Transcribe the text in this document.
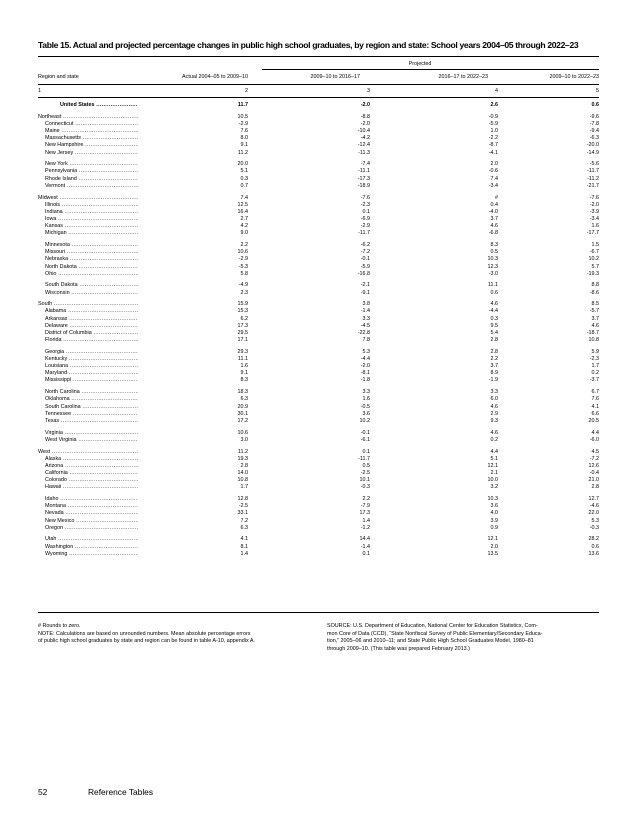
Table 15. Actual and projected percentage changes in public high school graduates, by region and state: School years 2004–05 through 2022–23
Projected
Region and state	Actual 2004–05 to 2009–10	2009–10 to 2016–17	2016–17 to 2022–23	2009–10 to 2022–23
1	2	3	4	5
United States .....	11.7	-2.0	2.6	0.6
Northeast .....	10.5	-8.8	-0.9	-9.6
Connecticut .....	-2.9	-2.0	-5.9	-7.8
Maine .....	7.6	-10.4	1.0	-9.4
Massachusetts .....	8.0	-4.2	-2.2	-6.3
New Hampshire .....	9.1	-12.4	-8.7	-20.0
New Jersey .....	11.2	-11.3	-4.1	-14.9
New York .....	20.0	-7.4	2.0	-5.6
Pennsylvania .....	5.1	-11.1	-0.6	-11.7
Rhode Island .....	0.3	-17.3	7.4	-11.2
Vermont .....	0.7	-18.9	-3.4	-21.7
Midwest .....	7.4	-7.6	#	-7.6
Illinois .....	12.5	-2.3	0.4	-2.0
Indiana .....	16.4	0.1	-4.0	-3.9
Iowa .....	2.7	-6.9	3.7	-3.4
Kansas .....	4.2	-2.9	4.6	1.6
Michigan .....	9.0	-11.7	-6.8	-17.7
Minnesota .....	2.2	-6.2	8.3	1.5
Missouri .....	10.6	-7.2	0.5	-6.7
Nebraska .....	-2.9	-0.1	10.3	10.2
North Dakota .....	-5.3	-5.9	12.3	5.7
Ohio .....	5.8	-16.8	-3.0	-19.3
South Dakota .....	-4.9	-2.1	11.1	8.8
Wisconsin .....	2.3	-9.1	0.6	-8.6
South .....	15.9	3.8	4.6	8.5
Alabama .....	15.3	-1.4	-4.4	-5.7
Arkansas .....	6.2	3.3	0.3	3.7
Delaware .....	17.3	-4.5	9.5	4.6
District of Columbia .....	29.5	-22.8	5.4	-18.7
Florida .....	17.1	7.8	2.8	10.8
Georgia .....	29.3	5.3	2.8	5.9
Kentucky .....	11.1	-4.4	2.2	-2.3
Louisiana .....	1.6	-2.0	3.7	1.7
Maryland .....	9.1	-8.1	8.9	0.2
Mississippi .....	8.3	-1.8	-1.9	-3.7
North Carolina .....	18.3	3.3	3.3	6.7
Oklahoma .....	6.3	1.6	6.0	7.6
South Carolina .....	20.9	-0.5	4.6	4.1
Tennessee .....	30.1	3.6	2.9	6.6
Texas .....	17.2	10.2	9.3	20.5
Virginia .....	10.6	-0.1	4.6	4.4
West Virginia .....	3.0	-6.1	0.2	-6.0
West .....	11.2	0.1	4.4	4.5
Alaska .....	19.3	-11.7	5.1	-7.2
Arizona .....	2.8	0.5	12.1	12.6
California .....	14.0	-2.5	2.1	-0.4
Colorado .....	10.8	10.1	10.0	21.0
Hawaii .....	1.7	-0.3	3.2	2.8
Idaho .....	12.8	2.2	10.3	12.7
Montana .....	-2.5	-7.9	3.6	-4.6
Nevada .....	33.1	17.3	4.0	22.0
New Mexico .....	7.2	1.4	3.9	5.3
Oregon .....	6.3	-1.2	0.9	-0.3
Utah .....	4.1	14.4	12.1	28.2
Washington .....	8.1	-1.4	2.0	0.6
Wyoming .....	1.4	0.1	13.5	13.6
# Rounds to zero.
NOTE: Calculations are based on unrounded numbers. Mean absolute percentage errors
of public high school graduates by state and region can be found in table A-10, appendix A.
SOURCE: U.S. Department of Education, National Center for Education Statistics, Com-
mon Core of Data (CCD), “State Nonfiscal Survey of Public Elementary/Secondary Educa-
tion,” 2005–06 and 2010–11; and State Public High School Graduates Model, 1980–81
through 2009–10. (This table was prepared February 2013.)
52	Reference Tables
